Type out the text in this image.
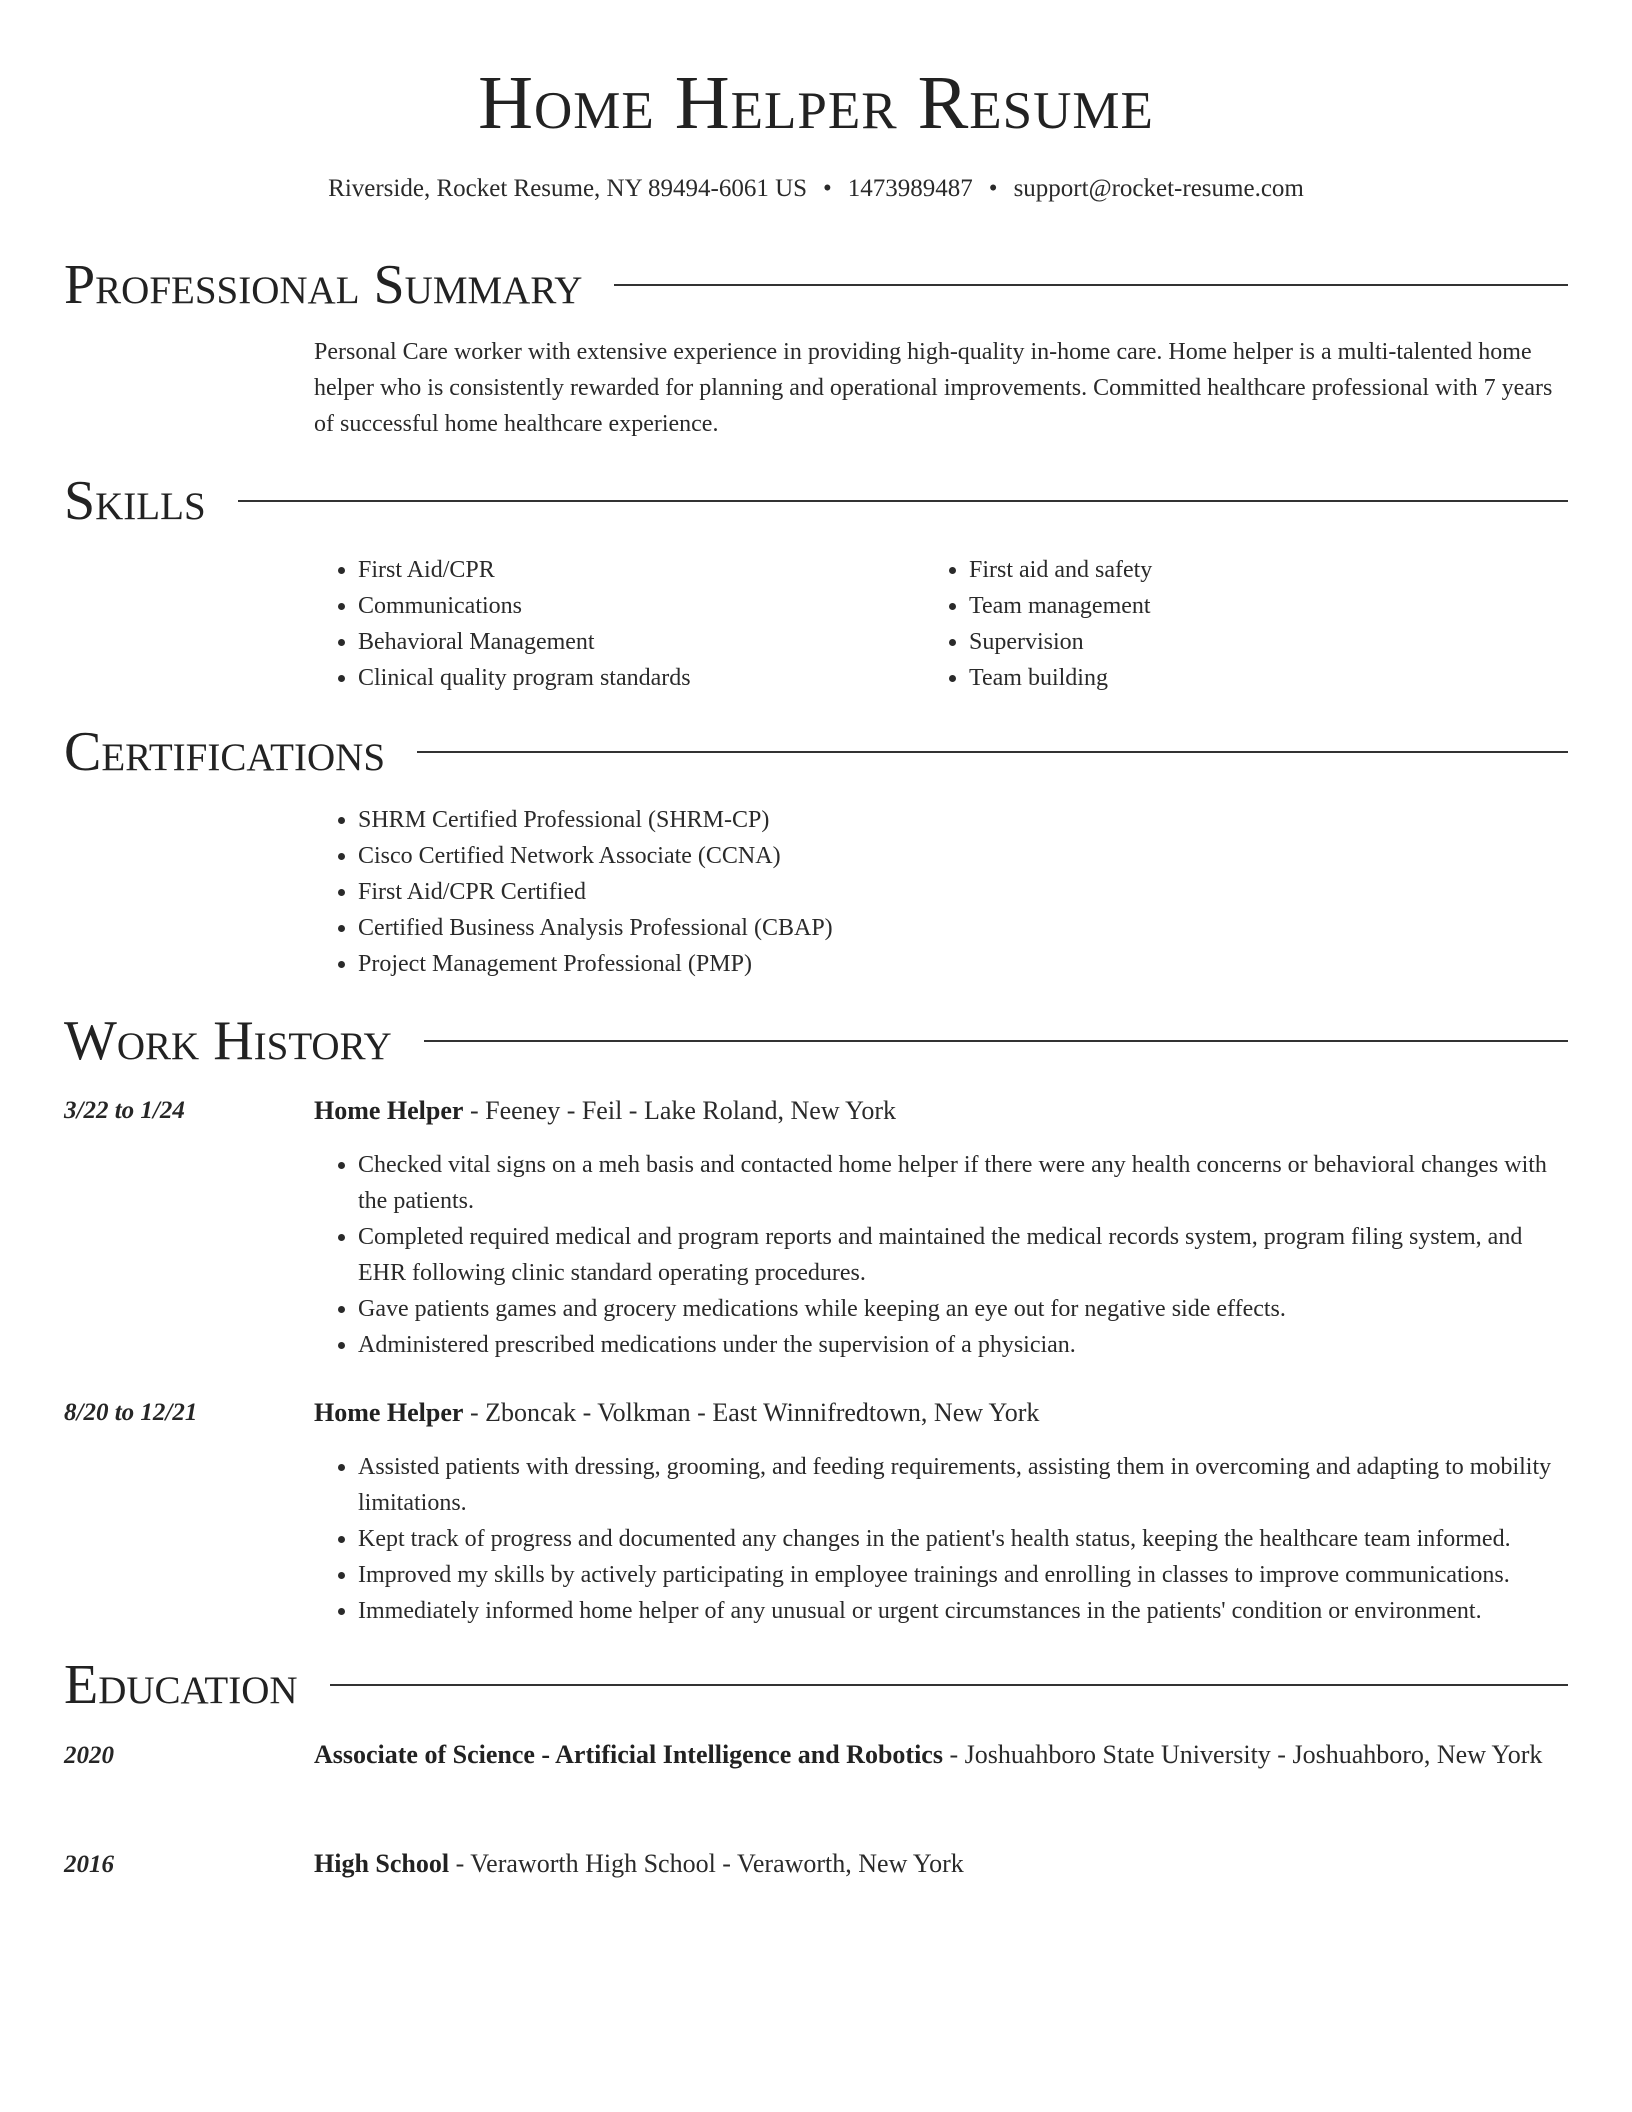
Home Helper Resume
Riverside, Rocket Resume, NY 89494-6061 US • 1473989487 • support@rocket-resume.com
Professional Summary
Personal Care worker with extensive experience in providing high-quality in-home care. Home helper is a multi-talented home helper who is consistently rewarded for planning and operational improvements. Committed healthcare professional with 7 years of successful home healthcare experience.
Skills
• First Aid/CPR
• Communications
• Behavioral Management
• Clinical quality program standards
• First aid and safety
• Team management
• Supervision
• Team building
Certifications
• SHRM Certified Professional (SHRM-CP)
• Cisco Certified Network Associate (CCNA)
• First Aid/CPR Certified
• Certified Business Analysis Professional (CBAP)
• Project Management Professional (PMP)
Work History
3/22 to 1/24	Home Helper - Feeney - Feil - Lake Roland, New York
• Checked vital signs on a meh basis and contacted home helper if there were any health concerns or behavioral changes with the patients.
• Completed required medical and program reports and maintained the medical records system, program filing system, and EHR following clinic standard operating procedures.
• Gave patients games and grocery medications while keeping an eye out for negative side effects.
• Administered prescribed medications under the supervision of a physician.
8/20 to 12/21	Home Helper - Zboncak - Volkman - East Winnifredtown, New York
• Assisted patients with dressing, grooming, and feeding requirements, assisting them in overcoming and adapting to mobility limitations.
• Kept track of progress and documented any changes in the patient's health status, keeping the healthcare team informed.
• Improved my skills by actively participating in employee trainings and enrolling in classes to improve communications.
• Immediately informed home helper of any unusual or urgent circumstances in the patients' condition or environment.
Education
2020	Associate of Science - Artificial Intelligence and Robotics - Joshuahboro State University - Joshuahboro, New York
2016	High School - Veraworth High School - Veraworth, New York
